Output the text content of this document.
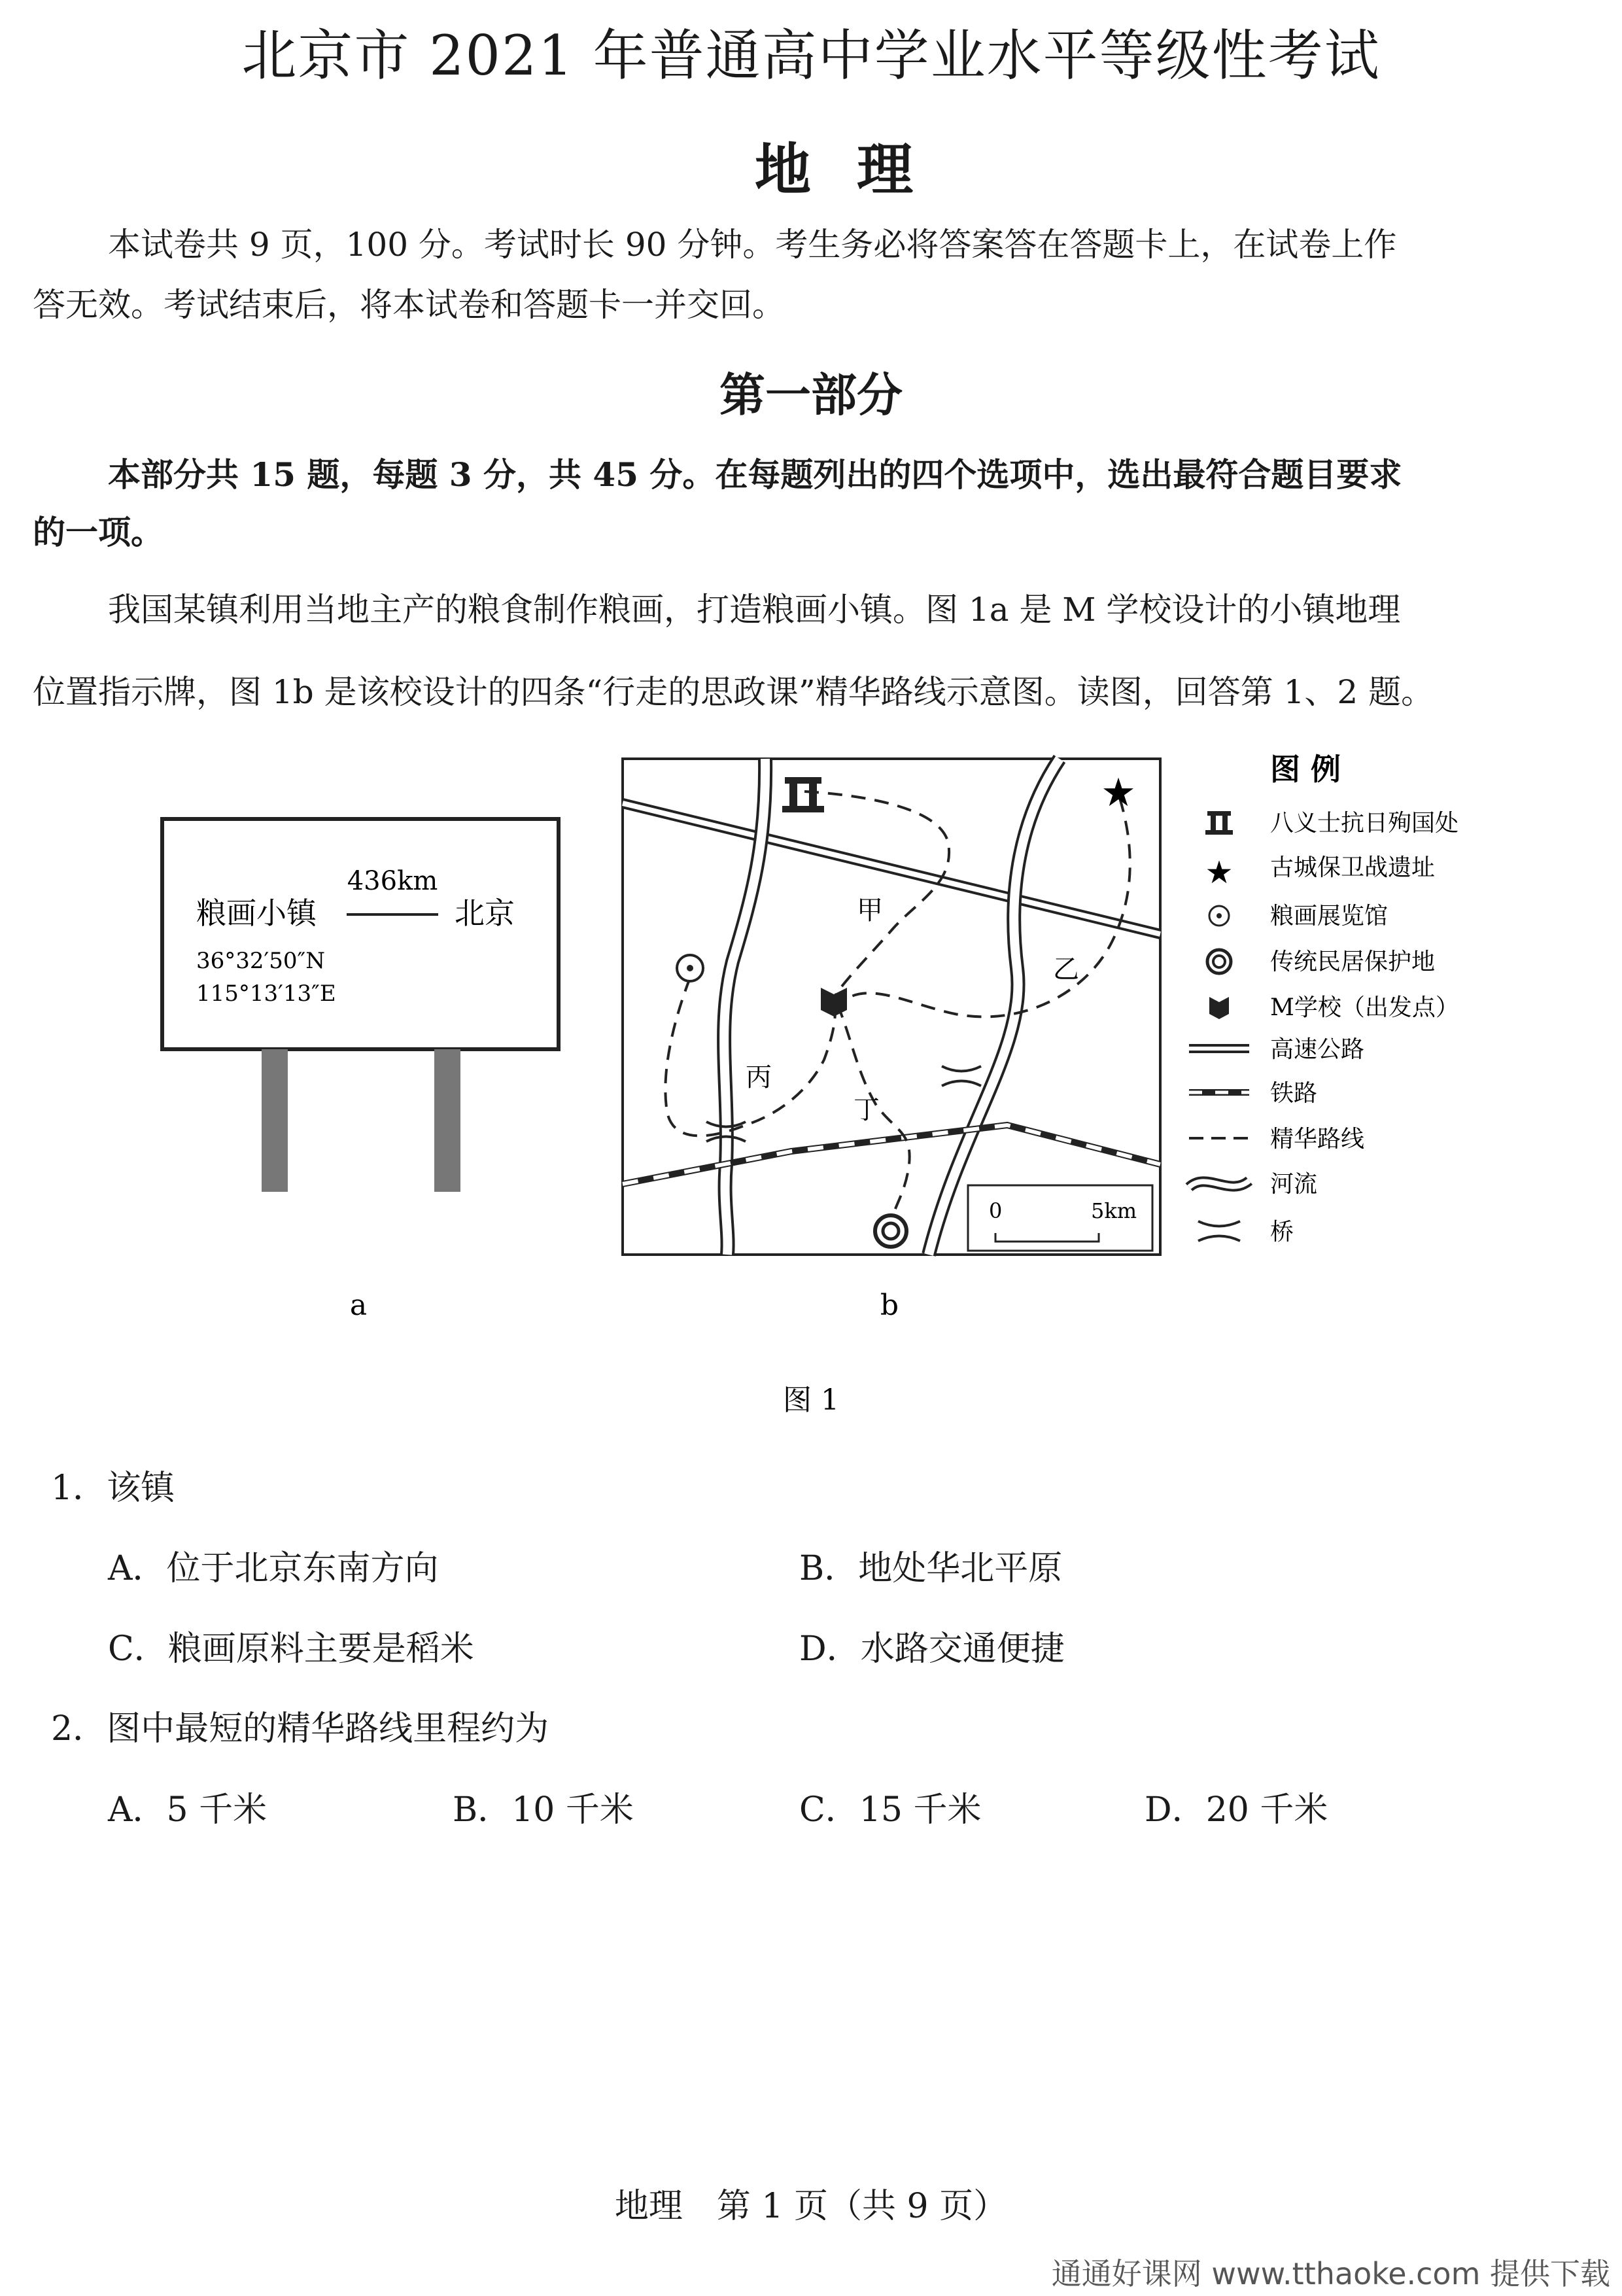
北京市 2021 年普通高中学业水平等级性考试
地理
本试卷共 9 页，100 分。考试时长 90 分钟。考生务必将答案答在答题卡上，在试卷上作
答无效。考试结束后，将本试卷和答题卡一并交回。
第一部分
本部分共 15 题，每题 3 分，共 45 分。在每题列出的四个选项中，选出最符合题目要求
的一项。
我国某镇利用当地主产的粮食制作粮画，打造粮画小镇。图 1a 是 M 学校设计的小镇地理
位置指示牌，图 1b 是该校设计的四条“行走的思政课”精华路线示意图。读图，回答第 1、2 题。
粮画小镇
436km
北京
36°32′50″N
115°13′13″E
★
甲
乙
丙
丁
0	5km
图 例
★
八义士抗日殉国处
古城保卫战遗址
粮画展览馆
传统民居保护地
M学校（出发点）
高速公路
铁路
精华路线
河流
桥
a	b
图 1
1．该镇
A．位于北京东南方向	B．地处华北平原
C．粮画原料主要是稻米	D．水路交通便捷
2．图中最短的精华路线里程约为
A．5 千米	B．10 千米	C．15 千米	D．20 千米
地理　第 1 页（共 9 页）
通通好课网 www.tthaoke.com 提供下载
